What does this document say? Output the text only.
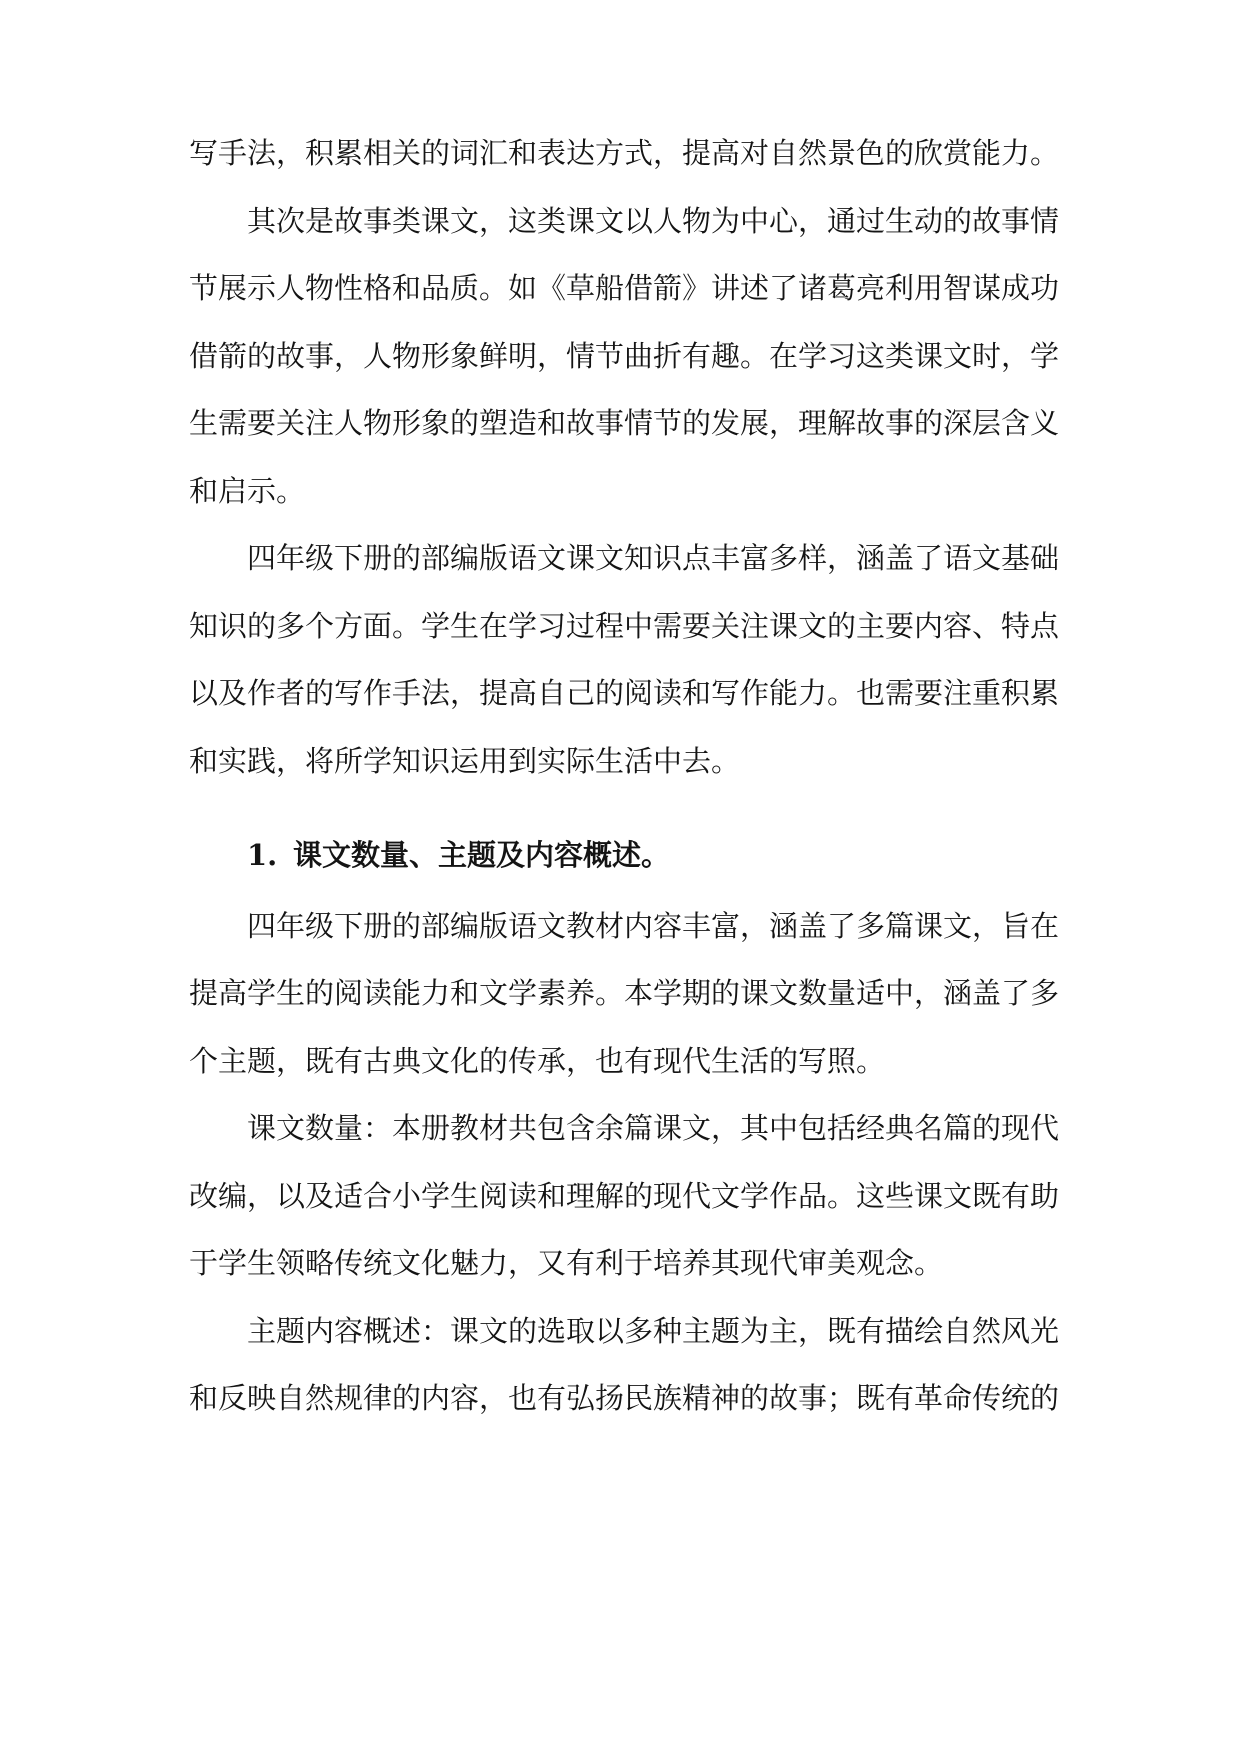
写手法，积累相关的词汇和表达方式，提高对自然景色的欣赏能力。
其次是故事类课文，这类课文以人物为中心，通过生动的故事情
节展示人物性格和品质。如《草船借箭》讲述了诸葛亮利用智谋成功
借箭的故事，人物形象鲜明，情节曲折有趣。在学习这类课文时，学
生需要关注人物形象的塑造和故事情节的发展，理解故事的深层含义
和启示。
四年级下册的部编版语文课文知识点丰富多样，涵盖了语文基础
知识的多个方面。学生在学习过程中需要关注课文的主要内容、特点
以及作者的写作手法，提高自己的阅读和写作能力。也需要注重积累
和实践，将所学知识运用到实际生活中去。
1. 课文数量、主题及内容概述。
四年级下册的部编版语文教材内容丰富，涵盖了多篇课文，旨在
提高学生的阅读能力和文学素养。本学期的课文数量适中，涵盖了多
个主题，既有古典文化的传承，也有现代生活的写照。
课文数量：本册教材共包含余篇课文，其中包括经典名篇的现代
改编，以及适合小学生阅读和理解的现代文学作品。这些课文既有助
于学生领略传统文化魅力，又有利于培养其现代审美观念。
主题内容概述：课文的选取以多种主题为主，既有描绘自然风光
和反映自然规律的内容，也有弘扬民族精神的故事；既有革命传统的
